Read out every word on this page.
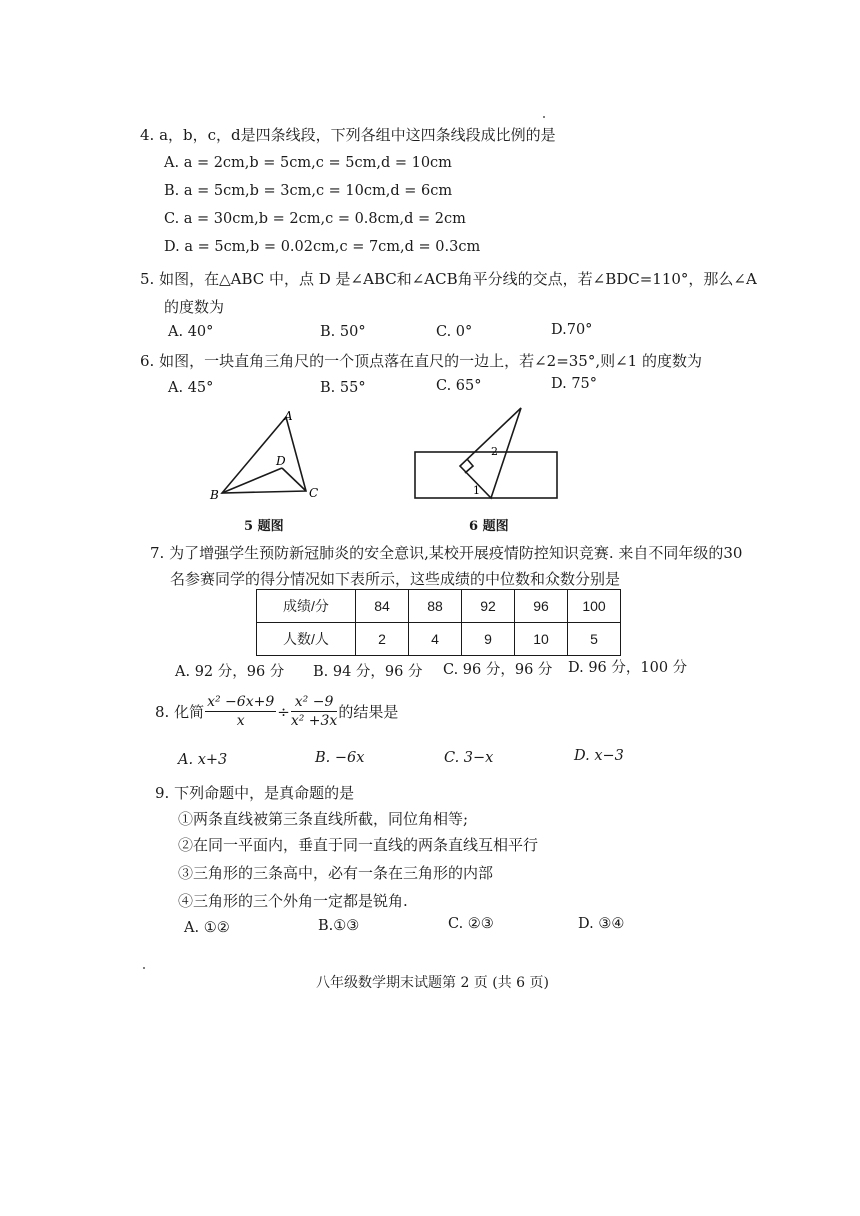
4. a，b，c，d是四条线段，下列各组中这四条线段成比例的是
A. a = 2cm,b = 5cm,c = 5cm,d = 10cm
B. a = 5cm,b = 3cm,c = 10cm,d = 6cm
C. a = 30cm,b = 2cm,c = 0.8cm,d = 2cm
D. a = 5cm,b = 0.02cm,c = 7cm,d = 0.3cm
5. 如图，在△ABC 中，点 D 是∠ABC和∠ACB角平分线的交点，若∠BDC=110°，那么∠A
的度数为
A. 40°	B. 50°	C. 0°	D.70°
6. 如图，一块直角三角尺的一个顶点落在直尺的一边上，若∠2=35°,则∠1 的度数为
A. 45°	B. 55°	C. 65°	D. 75°
A
D
B	C
5 题图
1
2
6 题图
7. 为了增强学生预防新冠肺炎的安全意识,某校开展疫情防控知识竞赛. 来自不同年级的30
名参赛同学的得分情况如下表所示，这些成绩的中位数和众数分别是
成绩/分	84	88	92	96	100
人数/人	2	4	9	10	5
A. 92 分，96 分 B. 94 分，96 分 C. 96 分，96 分 D. 96 分，100 分
8. 化简 $\frac{\text{x² −6x+9}}{x} \div \frac{\text{x² −9}}{\text{x² +3x}}$ 的结果是
A. x+3	B. −6x	C. 3−x	D. x−3
9. 下列命题中，是真命题的是
①两条直线被第三条直线所截，同位角相等;
②在同一平面内，垂直于同一直线的两条直线互相平行
③三角形的三条高中，必有一条在三角形的内部
④三角形的三个外角一定都是锐角.
A. ①②	B.①③	C. ②③	D. ③④
八年级数学期末试题第 2 页 (共 6 页)
